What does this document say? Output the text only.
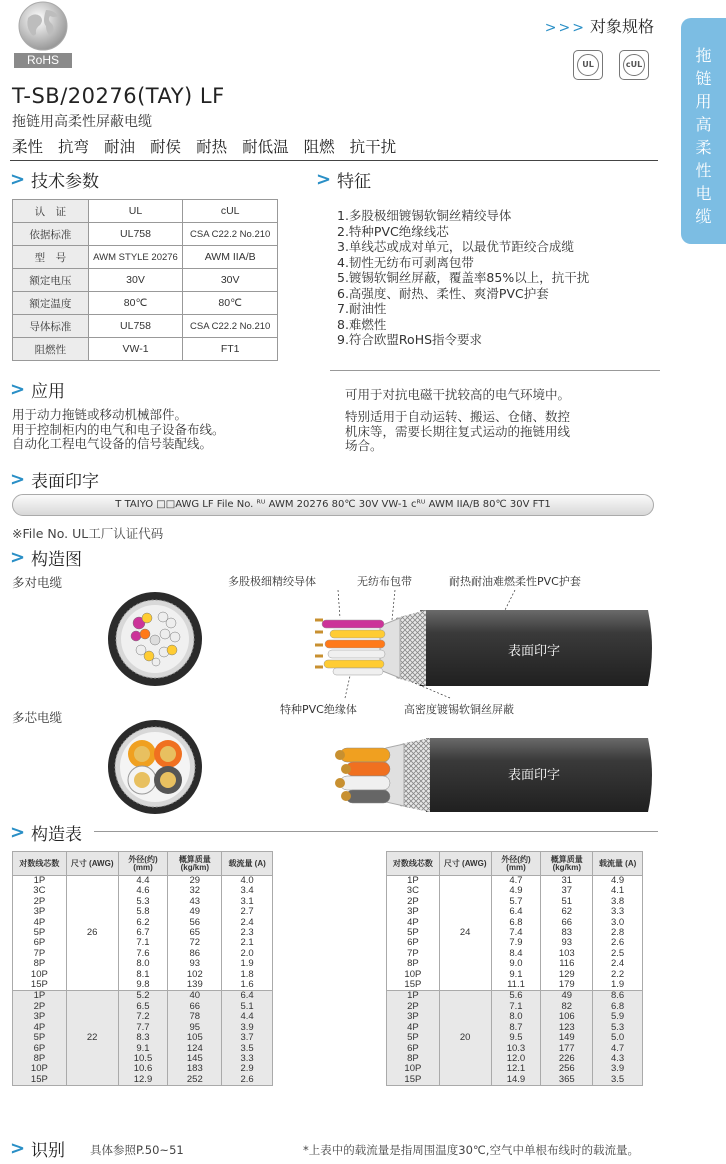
RoHS
>>> 对象规格
UL	cUL	拖链用高柔性电缆
T-SB/20276(TAY) LF
拖链用高柔性屏蔽电缆
柔性 抗弯 耐油 耐侯 耐热 耐低温 阻燃 抗干扰
> 技术参数
认　证	UL	cUL
依据标准	UL758	CSA C22.2 No.210
型　号	AWM STYLE 20276	AWM IIA/B
额定电压	30V	30V
额定温度	80℃	80℃
导体标准	UL758	CSA C22.2 No.210
阻燃性	VW-1	FT1
> 特征
1.多股极细镀锡软铜丝精绞导体
2.特种PVC绝缘线芯
3.单线芯或成对单元，以最优节距绞合成缆
4.韧性无纺布可剥离包带
5.镀锡软铜丝屏蔽，覆盖率85%以上，抗干扰
6.高强度、耐热、柔性、爽滑PVC护套
7.耐油性
8.难燃性
9.符合欧盟RoHS指令要求
> 应用
用于动力拖链或移动机械部件。
用于控制柜内的电气和电子设备布线。
自动化工程电气设备的信号装配线。
可用于对抗电磁干扰较高的电气环境中。
特别适用于自动运转、搬运、仓储、数控
机床等，需要长期往复式运动的拖链用线
场合。
> 表面印字
T TAIYO □□AWG LF File No. ᴿᵁ AWM 20276 80℃ 30V VW-1 cᴿᵁ AWM IIA/B 80℃ 30V FT1
※File No. UL工厂认证代码
> 构造图
多对电缆
多芯电缆
多股极细精绞导体	无纺布包带	耐热耐油难燃柔性PVC护套
特种PVC绝缘体	高密度镀锡软铜丝屏蔽
表面印字
表面印字
> 构造表
对数线芯数	尺寸 (AWG)	外径(约) (mm)	概算质量 (kg/km)	载流量 (A)
1P	26	4.4	29	4.0
3C		4.6	32	3.4
2P		5.3	43	3.1
3P		5.8	49	2.7
4P		6.2	56	2.4
5P		6.7	65	2.3
6P		7.1	72	2.1
7P		7.6	86	2.0
8P		8.0	93	1.9
10P		8.1	102	1.8
15P		9.8	139	1.6
1P	22	5.2	40	6.4
2P		6.5	66	5.1
3P		7.2	78	4.4
4P		7.7	95	3.9
5P		8.3	105	3.7
6P		9.1	124	3.5
8P		10.5	145	3.3
10P		10.6	183	2.9
15P		12.9	252	2.6
对数线芯数	尺寸 (AWG)	外径(约) (mm)	概算质量 (kg/km)	载流量 (A)
1P	24	4.7	31	4.9
3C		4.9	37	4.1
2P		5.7	51	3.8
3P		6.4	62	3.3
4P		6.8	66	3.0
5P		7.4	83	2.8
6P		7.9	93	2.6
7P		8.4	103	2.5
8P		9.0	116	2.4
10P		9.1	129	2.2
15P		11.1	179	1.9
1P	20	5.6	49	8.6
2P		7.1	82	6.8
3P		8.0	106	5.9
4P		8.7	123	5.3
5P		9.5	149	5.0
6P		10.3	177	4.7
8P		12.0	226	4.3
10P		12.1	256	3.9
15P		14.9	365	3.5
> 识别 具体参照P.50~51	*上表中的载流量是指周围温度30℃,空气中单根布线时的载流量。
